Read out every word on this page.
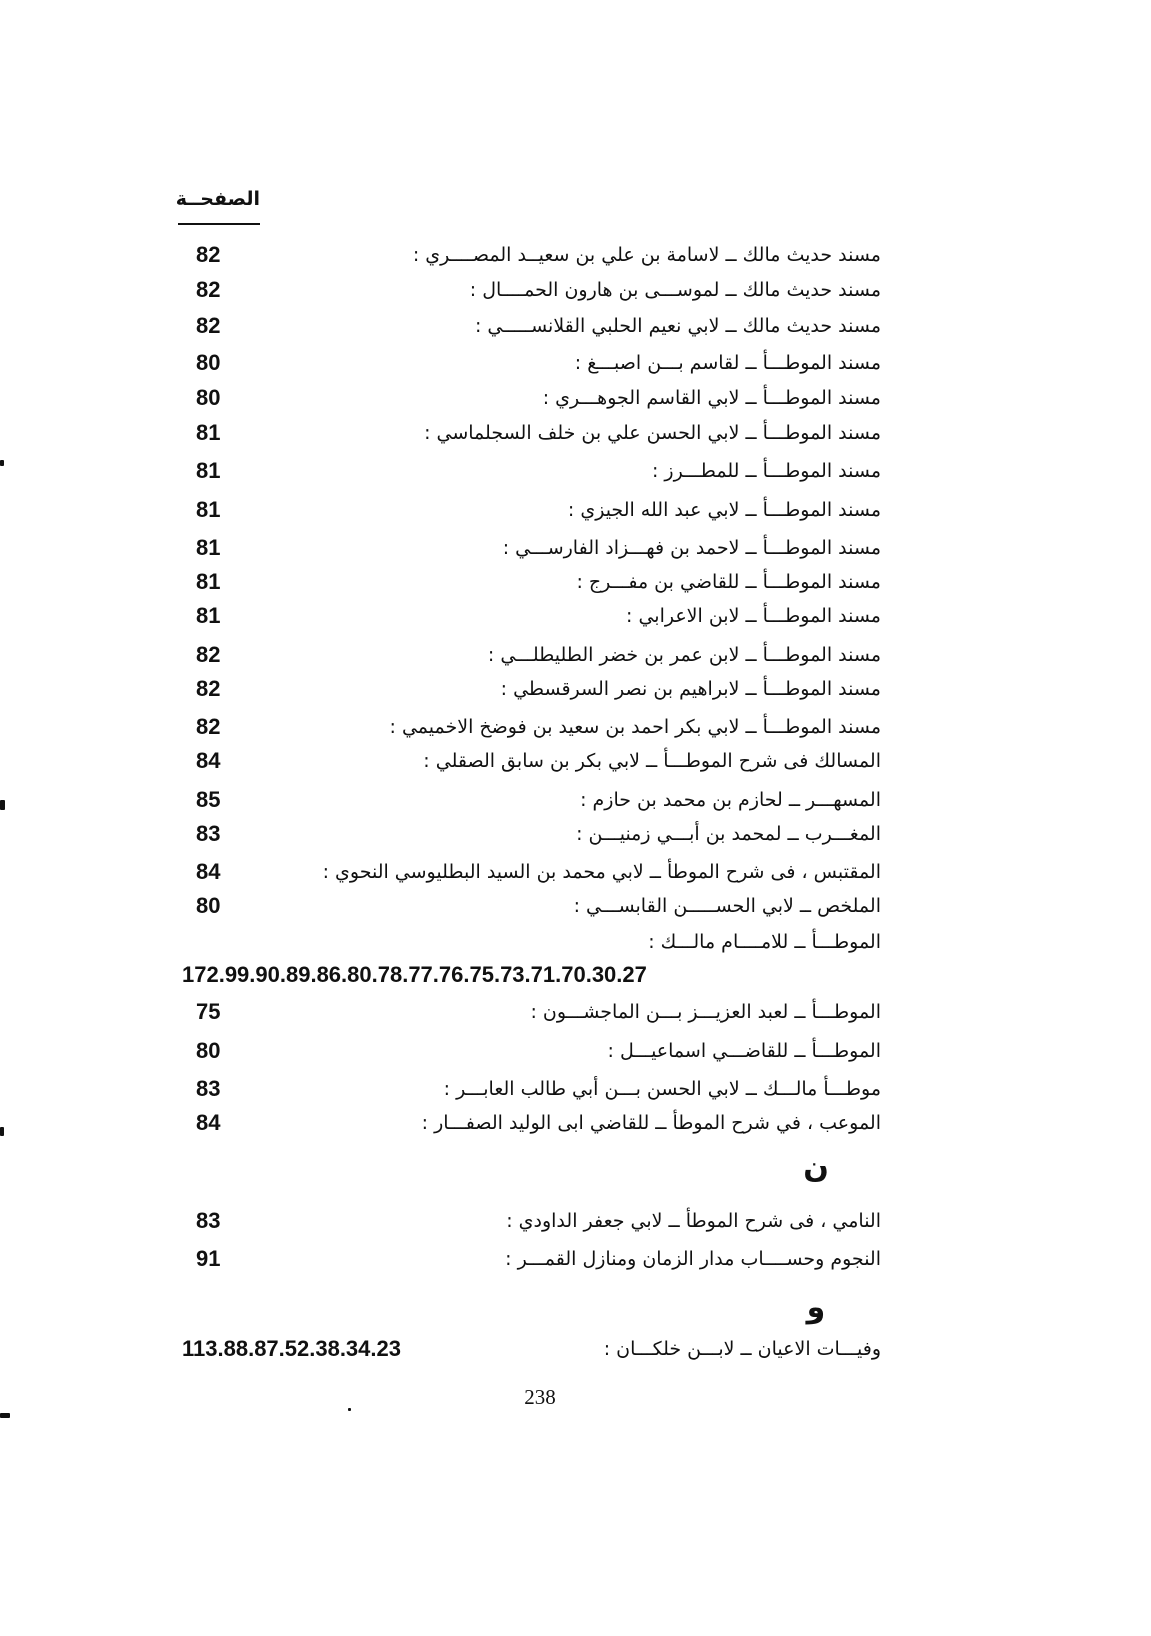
الصفحــة
مسند حديث مالك ــ لاسامة بن علي بن سعيــد المصــــري :
82
مسند حديث مالك ــ لموســـى بن هارون الحمــــال :
82
مسند حديث مالك ــ لابي نعيم الحلبي القلانســـــي :
82
مسند الموطـــأ ــ لقاسم بـــن اصبـــغ :
80
مسند الموطـــأ ــ لابي القاسم الجوهـــري :
80
مسند الموطـــأ ــ لابي الحسن علي بن خلف السجلماسي :
81
مسند الموطـــأ ــ للمطـــرز :
81
مسند الموطـــأ ــ لابي عبد الله الجيزي :
81
مسند الموطـــأ ــ لاحمد بن فهـــزاد الفارســـي :
81
مسند الموطـــأ ــ للقاضي بن مفـــرج :
81
مسند الموطـــأ ــ لابن الاعرابي :
81
مسند الموطـــأ ــ لابن عمر بن خضر الطليطلـــي :
82
مسند الموطـــأ ــ لابراهيم بن نصر السرقسطي :
82
مسند الموطـــأ ــ لابي بكر احمد بن سعيد بن فوضخ الاخميمي :
82
المسالك فى شرح الموطـــأ ــ لابي بكر بن سابق الصقلي :
84
المسهـــر ــ لحازم بن محمد بن حازم :
85
المغـــرب ــ لمحمد بن أبـــي زمنيـــن :
83
المقتبس ، فى شرح الموطأ ــ لابي محمد بن السيد البطليوسي النحوي :
84
الملخص ــ لابي الحســـــن القابســـي :
80
الموطـــأ ــ للامــــام مالـــك :
172.99.90.89.86.80.78.77.76.75.73.71.70.30.27
الموطـــأ ــ لعبد العزيـــز بـــن الماجشـــون :
75
الموطـــأ ــ للقاضـــي اسماعيـــل :
80
موطـــأ مالـــك ــ لابي الحسن بـــن أبي طالب العابـــر :
83
الموعب ، في شرح الموطأ ــ للقاضي ابى الوليد الصفـــار :
84
ن
النامي ، فى شرح الموطأ ــ لابي جعفر الداودي :
83
النجوم وحســــاب مدار الزمان ومنازل القمـــر :
91
و
وفيـــات الاعيان ــ لابـــن خلكـــان :
113.88.87.52.38.34.23
238
